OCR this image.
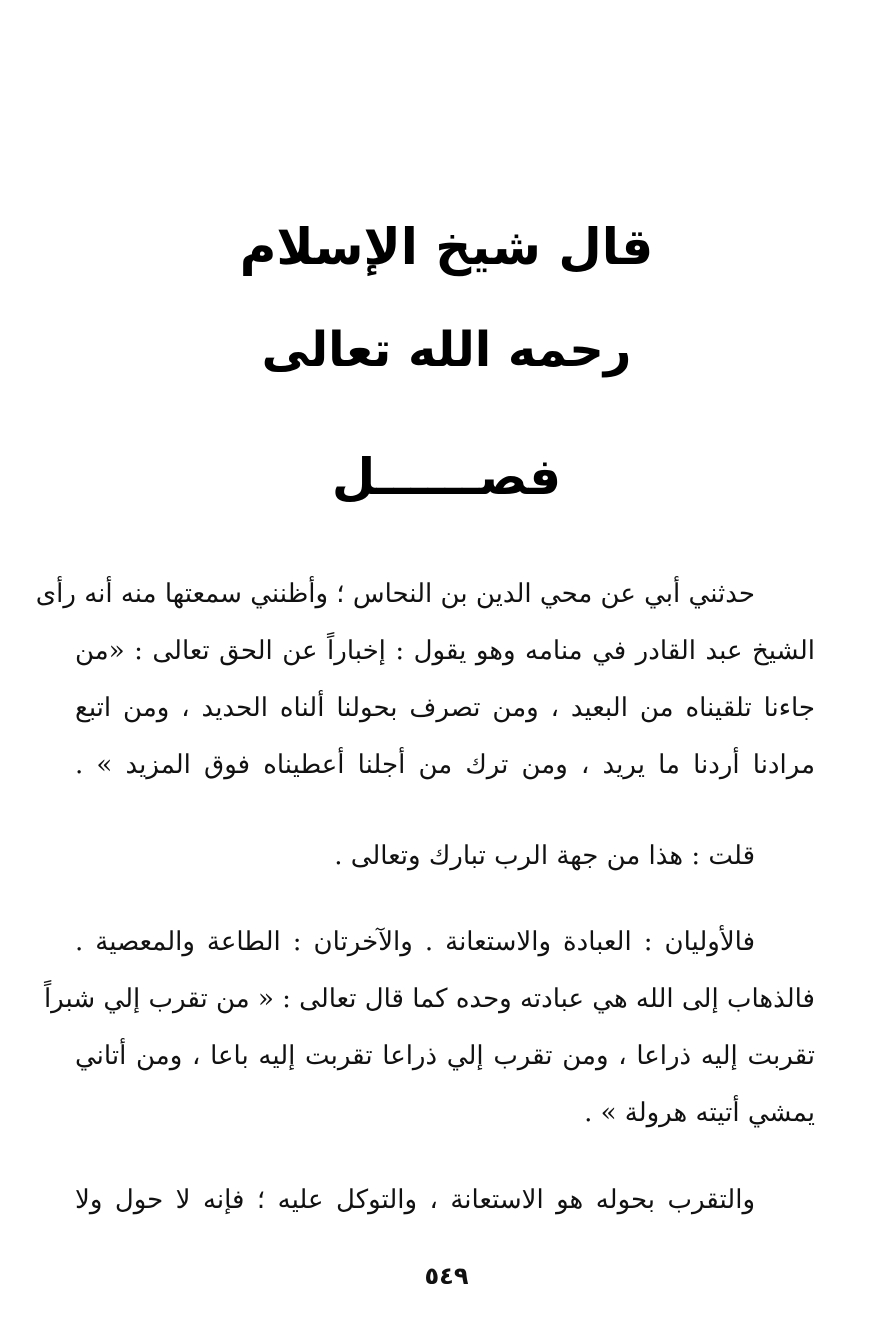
قال شيخ الإسلام
رحمه الله تعالى
فصــــــل
حدثني أبي عن محي الدين بن النحاس ؛ وأظنني سمعتها منه أنه رأى
الشيخ عبد القادر في منامه وهو يقول : إخباراً عن الحق تعالى : «من
جاءنا تلقيناه من البعيد ، ومن تصرف بحولنا ألناه الحديد ، ومن اتبع
مرادنا أردنا ما يريد ، ومن ترك من أجلنا أعطيناه فوق المزيد » .
قلت : هذا من جهة الرب تبارك وتعالى .
فالأوليان : العبادة والاستعانة . والآخرتان : الطاعة والمعصية .
فالذهاب إلى الله هي عبادته وحده كما قال تعالى : « من تقرب إلي شبراً
تقربت إليه ذراعا ، ومن تقرب إلي ذراعا تقربت إليه باعا ، ومن أتاني
يمشي أتيته هرولة » .
والتقرب بحوله هو الاستعانة ، والتوكل عليه ؛ فإنه لا حول ولا
٥٤٩
